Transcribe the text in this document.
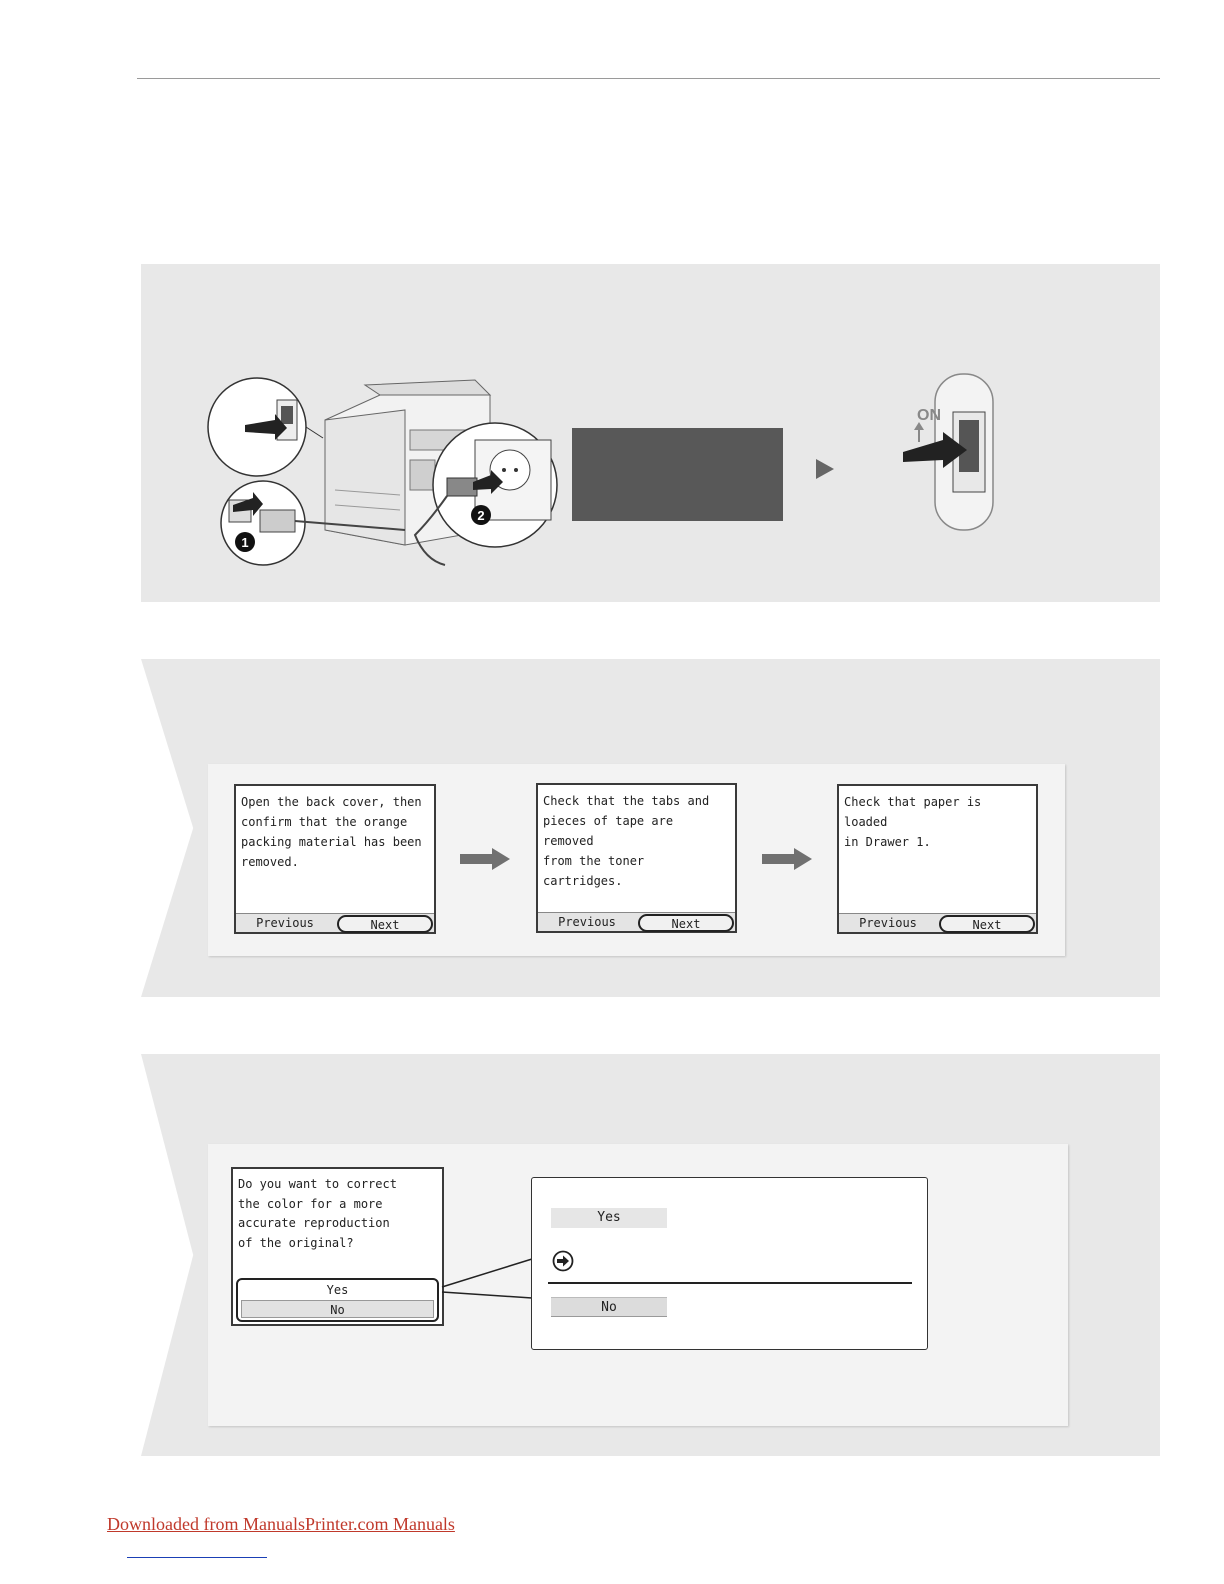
1
2
ON
Open the back cover, then
confirm that the orange
packing material has been
removed.
Previous	Next
Check that the tabs and
pieces of tape are removed
from the toner cartridges.
Previous	Next
Check that paper is loaded
in Drawer 1.
Previous	Next
Do you want to correct
the color for a more
accurate reproduction
of the original?
Yes
No
Yes
No
Downloaded from ManualsPrinter.com Manuals
